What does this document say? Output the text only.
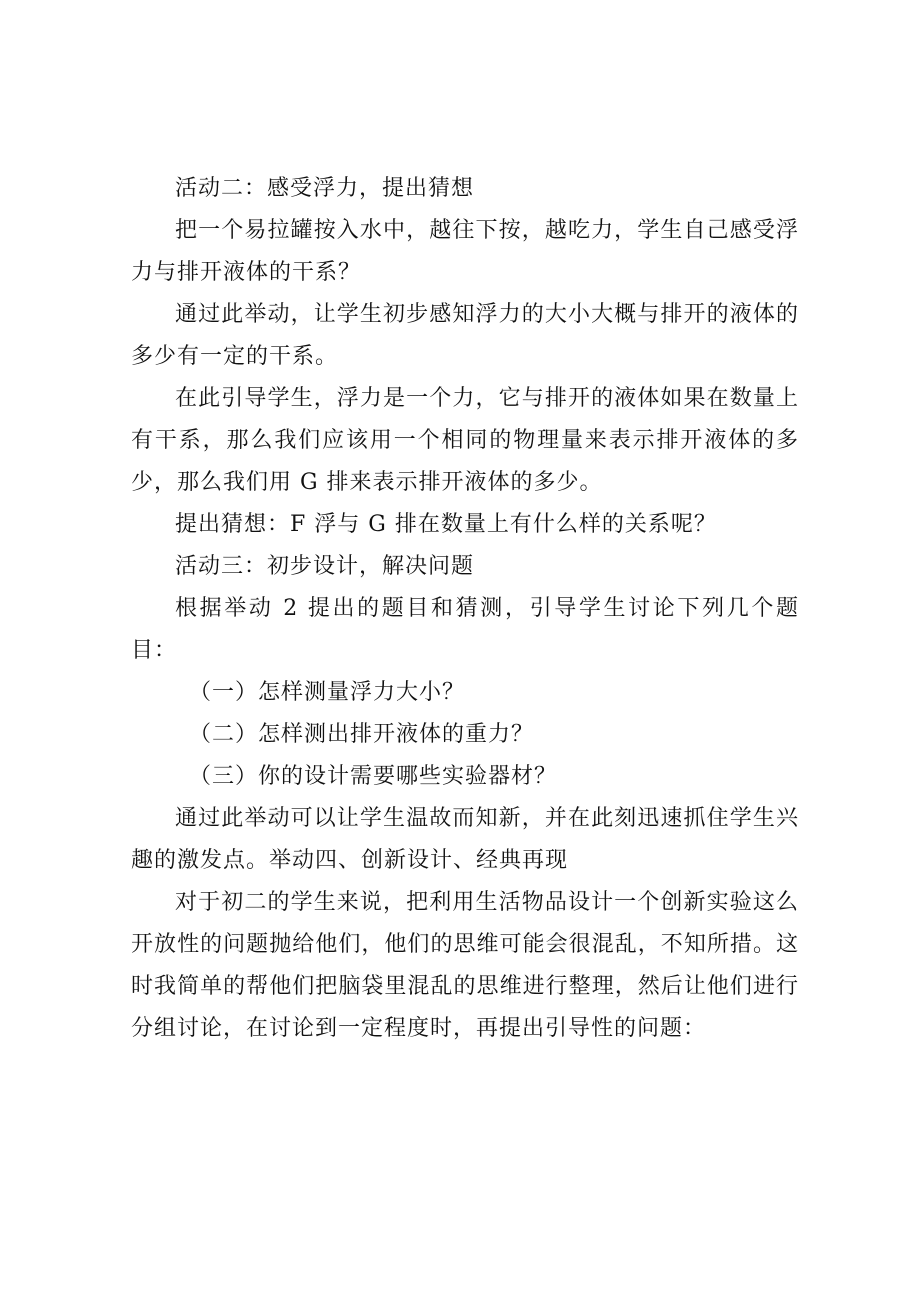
活动二：感受浮力，提出猜想

把一个易拉罐按入水中，越往下按，越吃力，学生自己感受浮力与排开液体的干系？

通过此举动，让学生初步感知浮力的大小大概与排开的液体的多少有一定的干系。

在此引导学生，浮力是一个力，它与排开的液体如果在数量上有干系，那么我们应该用一个相同的物理量来表示排开液体的多少，那么我们用 G 排来表示排开液体的多少。

提出猜想：F 浮与 G 排在数量上有什么样的关系呢？

活动三：初步设计，解决问题

根据举动 2 提出的题目和猜测，引导学生讨论下列几个题目：

（一）怎样测量浮力大小？

（二）怎样测出排开液体的重力？

（三）你的设计需要哪些实验器材？

通过此举动可以让学生温故而知新，并在此刻迅速抓住学生兴趣的激发点。举动四、创新设计、经典再现

对于初二的学生来说，把利用生活物品设计一个创新实验这么开放性的问题抛给他们，他们的思维可能会很混乱，不知所措。这时我简单的帮他们把脑袋里混乱的思维进行整理，然后让他们进行分组讨论，在讨论到一定程度时，再提出引导性的问题：
